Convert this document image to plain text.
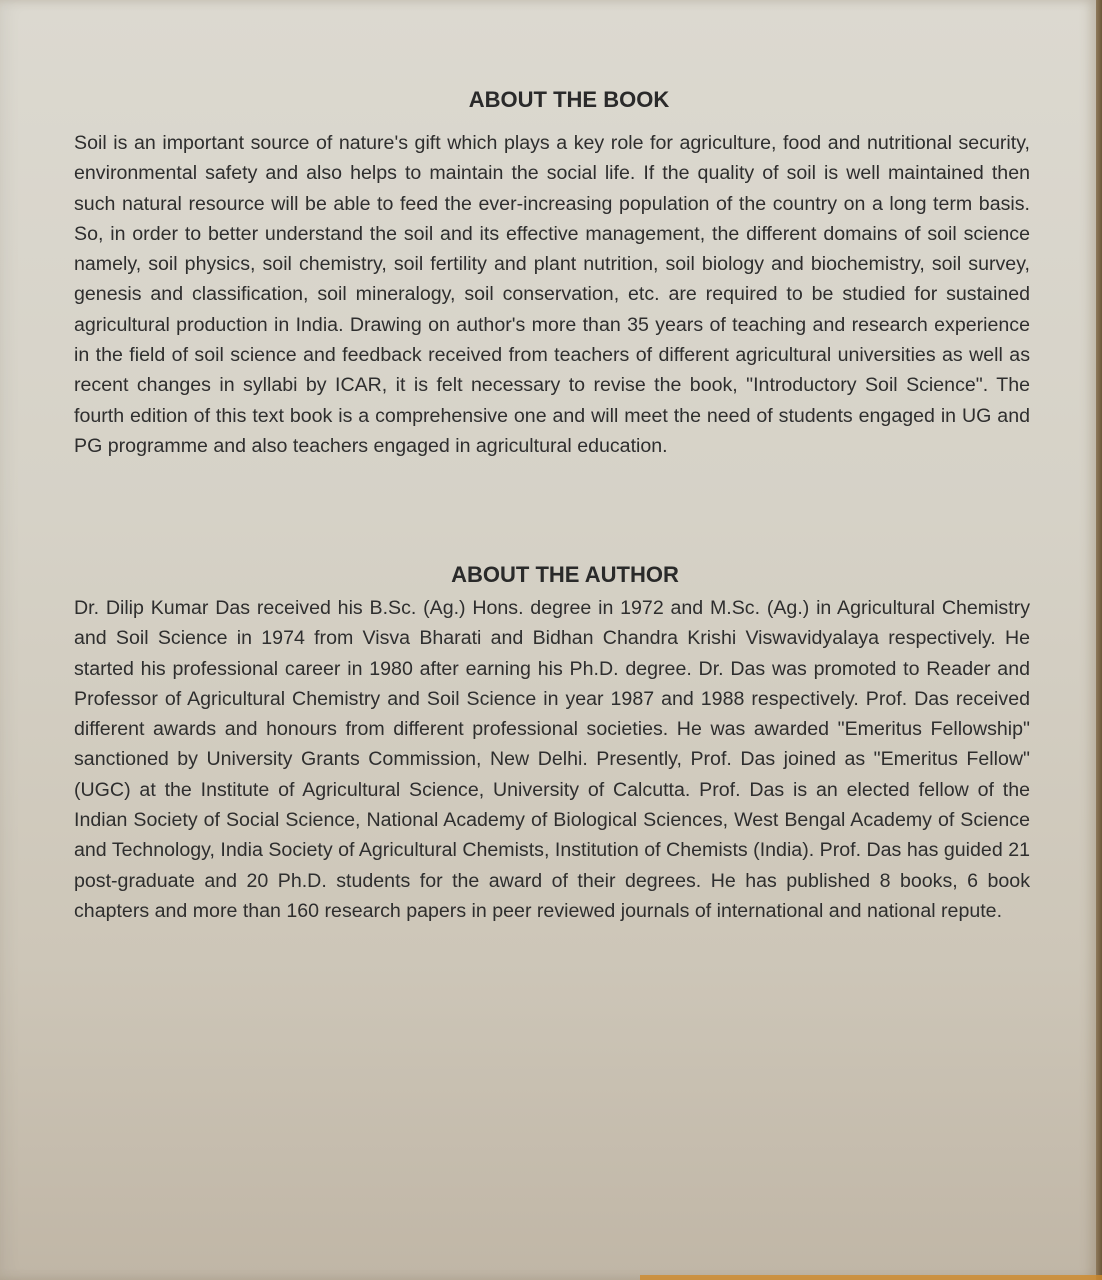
ABOUT THE BOOK

Soil is an important source of nature's gift which plays a key role for agriculture, food and nutritional security, environmental safety and also helps to maintain the social life. If the quality of soil is well maintained then such natural resource will be able to feed the ever-increasing population of the country on a long term basis. So, in order to better understand the soil and its effective management, the different domains of soil science namely, soil physics, soil chemistry, soil fertility and plant nutrition, soil biology and biochemistry, soil survey, genesis and classification, soil mineralogy, soil conservation, etc. are required to be studied for sustained agricultural production in India. Drawing on author's more than 35 years of teaching and research experience in the field of soil science and feedback received from teachers of different agricultural universities as well as recent changes in syllabi by ICAR, it is felt necessary to revise the book, "Introductory Soil Science". The fourth edition of this text book is a comprehensive one and will meet the need of students engaged in UG and PG programme and also teachers engaged in agricultural education.

ABOUT THE AUTHOR

Dr. Dilip Kumar Das received his B.Sc. (Ag.) Hons. degree in 1972 and M.Sc. (Ag.) in Agricultural Chemistry and Soil Science in 1974 from Visva Bharati and Bidhan Chandra Krishi Viswavidyalaya respectively. He started his professional career in 1980 after earning his Ph.D. degree. Dr. Das was promoted to Reader and Professor of Agricultural Chemistry and Soil Science in year 1987 and 1988 respectively. Prof. Das received different awards and honours from different professional societies. He was awarded "Emeritus Fellowship" sanctioned by University Grants Commission, New Delhi. Presently, Prof. Das joined as "Emeritus Fellow" (UGC) at the Institute of Agricultural Science, University of Calcutta. Prof. Das is an elected fellow of the Indian Society of Social Science, National Academy of Biological Sciences, West Bengal Academy of Science and Technology, India Society of Agricultural Chemists, Institution of Chemists (India). Prof. Das has guided 21 post-graduate and 20 Ph.D. students for the award of their degrees. He has published 8 books, 6 book chapters and more than 160 research papers in peer reviewed journals of international and national repute.
